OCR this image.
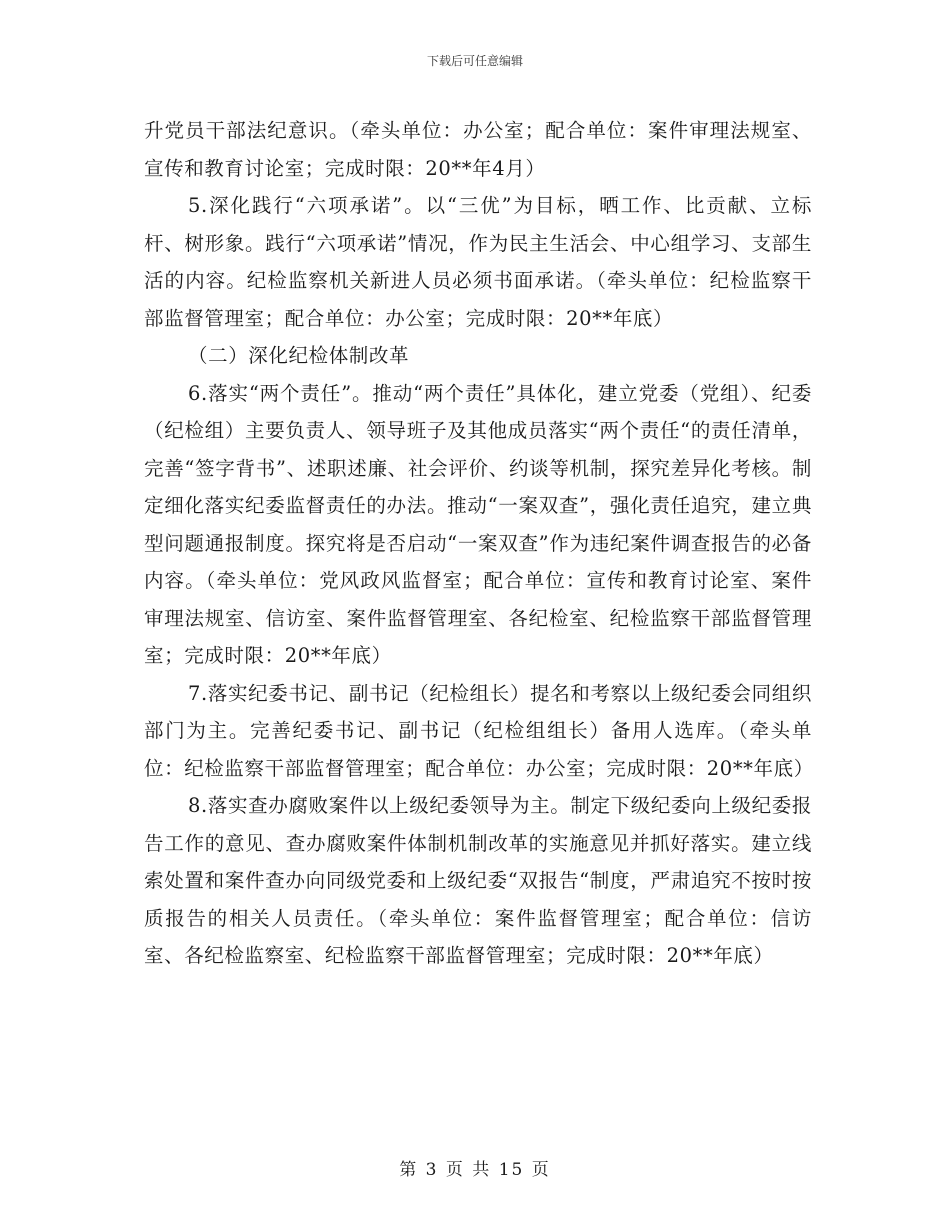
下载后可任意编辑

升党员干部法纪意识。（牵头单位：办公室；配合单位：案件审理法规室、宣传和教育讨论室；完成时限：20**年4月）

5.深化践行“六项承诺”。以“三优”为目标，晒工作、比贡献、立标杆、树形象。践行“六项承诺”情况，作为民主生活会、中心组学习、支部生活的内容。纪检监察机关新进人员必须书面承诺。（牵头单位：纪检监察干部监督管理室；配合单位：办公室；完成时限：20**年底）

（二）深化纪检体制改革

6.落实“两个责任”。推动“两个责任”具体化，建立党委（党组）、纪委（纪检组）主要负责人、领导班子及其他成员落实“两个责任“的责任清单，完善“签字背书”、述职述廉、社会评价、约谈等机制，探究差异化考核。制定细化落实纪委监督责任的办法。推动“一案双查”，强化责任追究，建立典型问题通报制度。探究将是否启动“一案双查”作为违纪案件调查报告的必备内容。（牵头单位：党风政风监督室；配合单位：宣传和教育讨论室、案件审理法规室、信访室、案件监督管理室、各纪检室、纪检监察干部监督管理室；完成时限：20**年底）

7.落实纪委书记、副书记（纪检组长）提名和考察以上级纪委会同组织部门为主。完善纪委书记、副书记（纪检组组长）备用人选库。（牵头单位：纪检监察干部监督管理室；配合单位：办公室；完成时限：20**年底）

8.落实查办腐败案件以上级纪委领导为主。制定下级纪委向上级纪委报告工作的意见、查办腐败案件体制机制改革的实施意见并抓好落实。建立线索处置和案件查办向同级党委和上级纪委“双报告“制度，严肃追究不按时按质报告的相关人员责任。（牵头单位：案件监督管理室；配合单位：信访室、各纪检监察室、纪检监察干部监督管理室；完成时限：20**年底）

第 3 页 共 15 页
